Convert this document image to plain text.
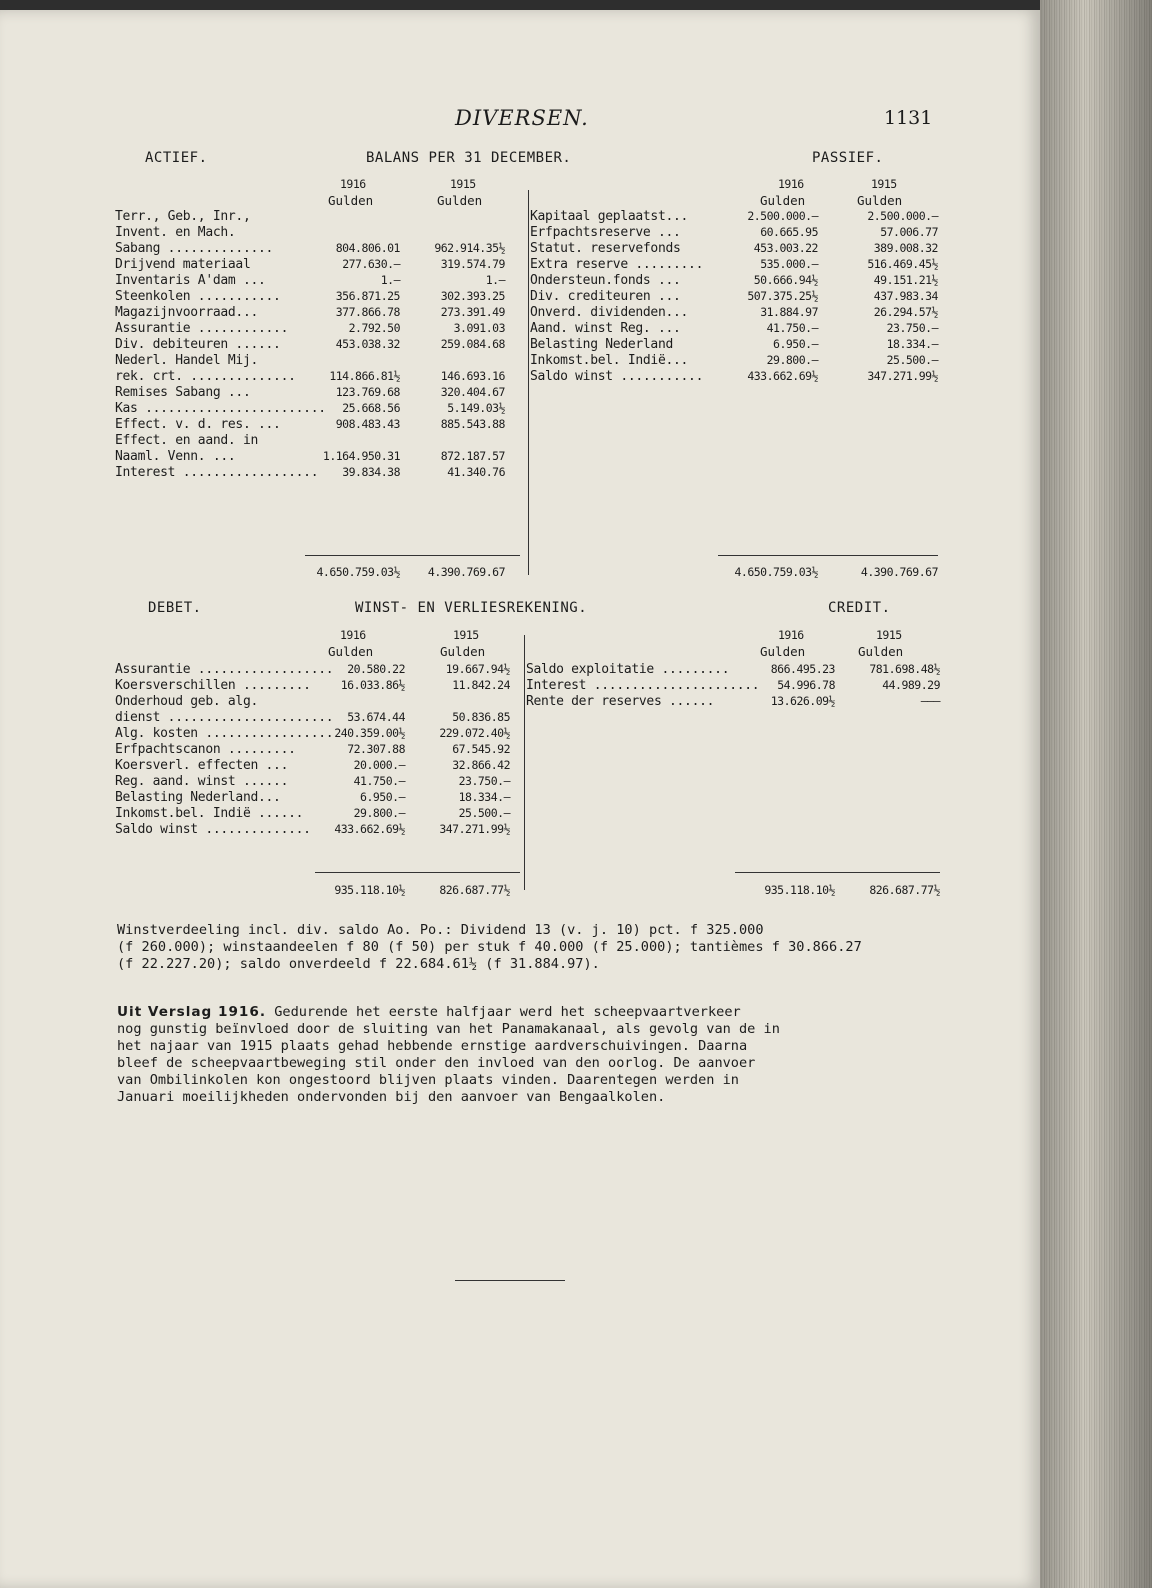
DIVERSEN.	1131
ACTIEF.	BALANS PER 31 DECEMBER.	PASSIEF.
1916	1915
Gulden	Gulden
1916	1915
Gulden	Gulden
Terr., Geb., Inr.,
Invent. en Mach.
Sabang ..............	804.806.01	962.914.35½
Drijvend materiaal	277.630.—	319.574.79
Inventaris A'dam ...	1.—	1.—
Steenkolen ...........	356.871.25	302.393.25
Magazijnvoorraad...	377.866.78	273.391.49
Assurantie ............	2.792.50	3.091.03
Div. debiteuren ......	453.038.32	259.084.68
Nederl. Handel Mij.
rek. crt. ..............	114.866.81½	146.693.16
Remises Sabang ...	123.769.68	320.404.67
Kas ........................	25.668.56	5.149.03½
Effect. v. d. res. ...	908.483.43	885.543.88
Effect. en aand. in
Naaml. Venn. ...	1.164.950.31	872.187.57
Interest ..................	39.834.38	41.340.76
Kapitaal geplaatst...	2.500.000.—	2.500.000.—
Erfpachtsreserve ...	60.665.95	57.006.77
Statut. reservefonds	453.003.22	389.008.32
Extra reserve .........	535.000.—	516.469.45½
Ondersteun.fonds ...	50.666.94½	49.151.21½
Div. crediteuren ...	507.375.25½	437.983.34
Onverd. dividenden...	31.884.97	26.294.57½
Aand. winst Reg. ...	41.750.—	23.750.—
Belasting Nederland	6.950.—	18.334.—
Inkomst.bel. Indië...	29.800.—	25.500.—
Saldo winst ...........	433.662.69½	347.271.99½
4.650.759.03½	4.390.769.67	4.650.759.03½	4.390.769.67
DEBET.	WINST- EN VERLIESREKENING.	CREDIT.
1916	1915
Gulden	Gulden
1916	1915
Gulden	Gulden
Assurantie ..................	20.580.22	19.667.94½
Koersverschillen .........	16.033.86½	11.842.24
Onderhoud geb. alg.
dienst ......................	53.674.44	50.836.85
Alg. kosten ................. 240.359.00½	229.072.40½
Erfpachtscanon .........	72.307.88	67.545.92
Koersverl. effecten ...	20.000.—	32.866.42
Reg. aand. winst ......	41.750.—	23.750.—
Belasting Nederland...	6.950.—	18.334.—
Inkomst.bel. Indië ......	29.800.—	25.500.—
Saldo winst ..............	433.662.69½	347.271.99½
Saldo exploitatie .........	866.495.23	781.698.48½
Interest ......................	54.996.78	44.989.29
Rente der reserves ......	13.626.09½	———
935.118.10½	826.687.77½	935.118.10½	826.687.77½
Winstverdeeling incl. div. saldo Ao. Po.: Dividend 13 (v. j. 10) pct. f 325.000
(f 260.000); winstaandeelen f 80 (f 50) per stuk f 40.000 (f 25.000); tantièmes f 30.866.27
(f 22.227.20); saldo onverdeeld f 22.684.61½ (f 31.884.97).
Uit Verslag 1916. Gedurende het eerste halfjaar werd het scheepvaartverkeer
nog gunstig beïnvloed door de sluiting van het Panamakanaal, als gevolg van de in
het najaar van 1915 plaats gehad hebbende ernstige aardverschuivingen. Daarna
bleef de scheepvaartbeweging stil onder den invloed van den oorlog. De aanvoer
van Ombilinkolen kon ongestoord blijven plaats vinden. Daarentegen werden in
Januari moeilijkheden ondervonden bij den aanvoer van Bengaalkolen.
